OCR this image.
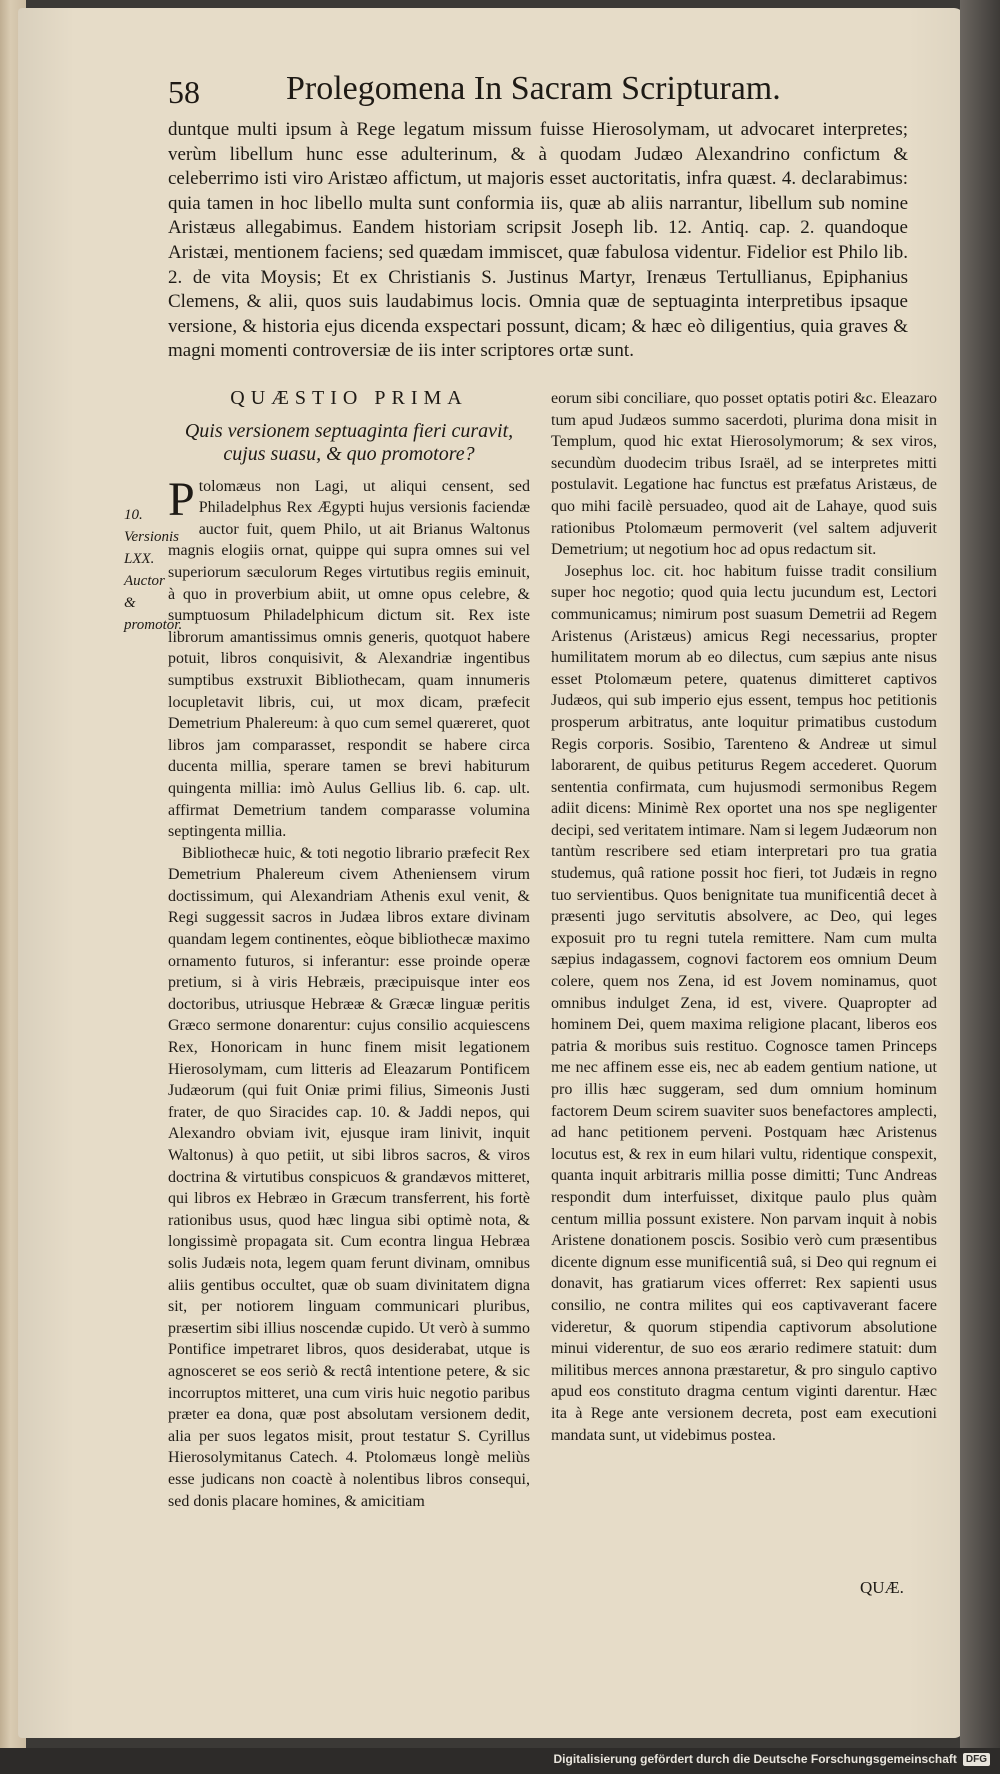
58	Prolegomena In Sacram Scripturam.

duntque multi ipsum à Rege legatum missum fuisse Hierosolymam, ut advocaret interpretes; verùm libellum hunc esse adulterinum, & à quodam Judæo Alexandrino confictum & celeberrimo isti viro Aristæo affictum, ut majoris esset auctoritatis, infra quæst. 4. declarabimus: quia tamen in hoc libello multa sunt conformia iis, quæ ab aliis narrantur, libellum sub nomine Aristæus allegabimus. Eandem historiam scripsit Joseph lib. 12. Antiq. cap. 2. quandoque Aristæi, mentionem faciens; sed quædam immiscet, quæ fabulosa videntur. Fidelior est Philo lib. 2. de vita Moysis; Et ex Christianis S. Justinus Martyr, Irenæus Tertullianus, Epiphanius Clemens, & alii, quos suis laudabimus locis. Omnia quæ de septuaginta interpretibus ipsaque versione, & historia ejus dicenda exspectari possunt, dicam; & hæc eò diligentius, quia graves & magni momenti controversiæ de iis inter scriptores ortæ sunt.

10. Versionis LXX. Auctor & promotor.
QUÆSTIO PRIMA
Quis versionem septuaginta fieri curavit, cujus suasu, & quo promotore?
P tolomæus non Lagi, ut aliqui censent, sed Philadelphus Rex Ægypti hujus versionis faciendæ auctor fuit, quem Philo, ut ait Brianus Waltonus magnis elogiis ornat, quippe qui supra omnes sui vel superiorum sæculorum Reges virtutibus regiis eminuit, à quo in proverbium abiit, ut omne opus celebre, & sumptuosum Philadelphicum dictum sit. Rex iste librorum amantissimus omnis generis, quotquot habere potuit, libros conquisivit, & Alexandriæ ingentibus sumptibus exstruxit Bibliothecam, quam innumeris locupletavit libris, cui, ut mox dicam, præfecit Demetrium Phalereum: à quo cum semel quæreret, quot libros jam comparasset, respondit se habere circa ducenta millia, sperare tamen se brevi habiturum quingenta millia: imò Aulus Gellius lib. 6. cap. ult. affirmat Demetrium tandem comparasse volumina septingenta millia.

Bibliothecæ huic, & toti negotio librario præfecit Rex Demetrium Phalereum civem Atheniensem virum doctissimum, qui Alexandriam Athenis exul venit, & Regi suggessit sacros in Judæa libros extare divinam quandam legem continentes, eòque bibliothecæ maximo ornamento futuros, si inferantur: esse proinde operæ pretium, si à viris Hebræis, præcipuisque inter eos doctoribus, utriusque Hebrææ & Græcæ linguæ peritis Græco sermone donarentur: cujus consilio acquiescens Rex, Honoricam in hunc finem misit legationem Hierosolymam, cum litteris ad Eleazarum Pontificem Judæorum (qui fuit Oniæ primi filius, Simeonis Justi frater, de quo Siracides cap. 10. & Jaddi nepos, qui Alexandro obviam ivit, ejusque iram linivit, inquit Waltonus) à quo petiit, ut sibi libros sacros, & viros doctrina & virtutibus conspicuos & grandævos mitteret, qui libros ex Hebræo in Græcum transferrent, his fortè rationibus usus, quod hæc lingua sibi optimè nota, & longissimè propagata sit. Cum econtra lingua Hebræa solis Judæis nota, legem quam ferunt divinam, omnibus aliis gentibus occultet, quæ ob suam divinitatem digna sit, per notiorem linguam communicari pluribus, præsertim sibi illius noscendæ cupido. Ut verò à summo Pontifice impetraret libros, quos desiderabat, utque is agnosceret se eos seriò & rectâ intentione petere, & sic incorruptos mitteret, una cum viris huic negotio paribus præter ea dona, quæ post absolutam versionem dedit, alia per suos legatos misit, prout testatur S. Cyrillus Hierosolymitanus Catech. 4. Ptolomæus longè meliùs esse judicans non coactè à nolentibus libros consequi, sed donis placare homines, & amicitiam

eorum sibi conciliare, quo posset optatis potiri &c. Eleazaro tum apud Judæos summo sacerdoti, plurima dona misit in Templum, quod hic extat Hierosolymorum; & sex viros, secundùm duodecim tribus Israël, ad se interpretes mitti postulavit. Legatione hac functus est præfatus Aristæus, de quo mihi facilè persuadeo, quod ait de Lahaye, quod suis rationibus Ptolomæum permoverit (vel saltem adjuverit Demetrium; ut negotium hoc ad opus redactum sit.

Josephus loc. cit. hoc habitum fuisse tradit consilium super hoc negotio; quod quia lectu jucundum est, Lectori communicamus; nimirum post suasum Demetrii ad Regem Aristenus (Aristæus) amicus Regi necessarius, propter humilitatem morum ab eo dilectus, cum sæpius ante nisus esset Ptolomæum petere, quatenus dimitteret captivos Judæos, qui sub imperio ejus essent, tempus hoc petitionis prosperum arbitratus, ante loquitur primatibus custodum Regis corporis. Sosibio, Tarenteno & Andreæ ut simul laborarent, de quibus petiturus Regem accederet. Quorum sententia confirmata, cum hujusmodi sermonibus Regem adiit dicens: Minimè Rex oportet una nos spe negligenter decipi, sed veritatem intimare. Nam si legem Judæorum non tantùm rescribere sed etiam interpretari pro tua gratia studemus, quâ ratione possit hoc fieri, tot Judæis in regno tuo servientibus. Quos benignitate tua munificentiâ decet à præsenti jugo servitutis absolvere, ac Deo, qui leges exposuit pro tu regni tutela remittere. Nam cum multa sæpius indagassem, cognovi factorem eos omnium Deum colere, quem nos Zena, id est Jovem nominamus, quot omnibus indulget Zena, id est, vivere. Quapropter ad hominem Dei, quem maxima religione placant, liberos eos patria & moribus suis restituo. Cognosce tamen Princeps me nec affinem esse eis, nec ab eadem gentium natione, ut pro illis hæc suggeram, sed dum omnium hominum factorem Deum scirem suaviter suos benefactores amplecti, ad hanc petitionem perveni. Postquam hæc Aristenus locutus est, & rex in eum hilari vultu, ridentique conspexit, quanta inquit arbitraris millia posse dimitti; Tunc Andreas respondit dum interfuisset, dixitque paulo plus quàm centum millia possunt existere. Non parvam inquit à nobis Aristene donationem poscis. Sosibio verò cum præsentibus dicente dignum esse munificentiâ suâ, si Deo qui regnum ei donavit, has gratiarum vices offerret: Rex sapienti usus consilio, ne contra milites qui eos captivaverant facere videretur, & quorum stipendia captivorum absolutione minui viderentur, de suo eos ærario redimere statuit: dum militibus merces annona præstaretur, & pro singulo captivo apud eos constituto dragma centum viginti darentur. Hæc ita à Rege ante versionem decreta, post eam executioni mandata sunt, ut videbimus postea.

QUÆ.
Digitalisierung gefördert durch die Deutsche Forschungsgemeinschaft DFG
